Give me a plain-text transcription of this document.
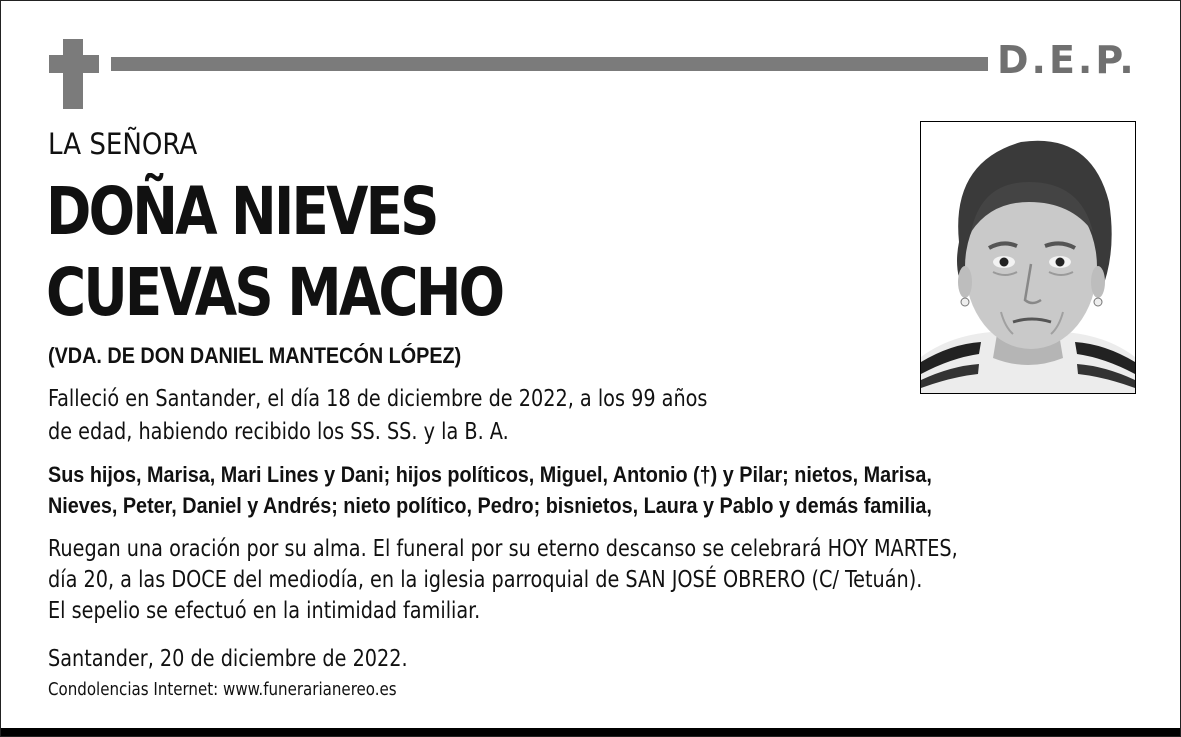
D.E.P.
LA SEÑORA
DOÑA NIEVES
CUEVAS MACHO
(VDA. DE DON DANIEL MANTECÓN LÓPEZ)
Falleció en Santander, el día 18 de diciembre de 2022, a los 99 años
de edad, habiendo recibido los SS. SS. y la B. A.
Sus hijos, Marisa, Mari Lines y Dani; hijos políticos, Miguel, Antonio (†) y Pilar; nietos, Marisa,
Nieves, Peter, Daniel y Andrés; nieto político, Pedro; bisnietos, Laura y Pablo y demás familia,
Ruegan una oración por su alma. El funeral por su eterno descanso se celebrará HOY MARTES,
día 20, a las DOCE del mediodía, en la iglesia parroquial de SAN JOSÉ OBRERO (C/ Tetuán).
El sepelio se efectuó en la intimidad familiar.
Santander, 20 de diciembre de 2022.
Condolencias Internet: www.funerarianereo.es
